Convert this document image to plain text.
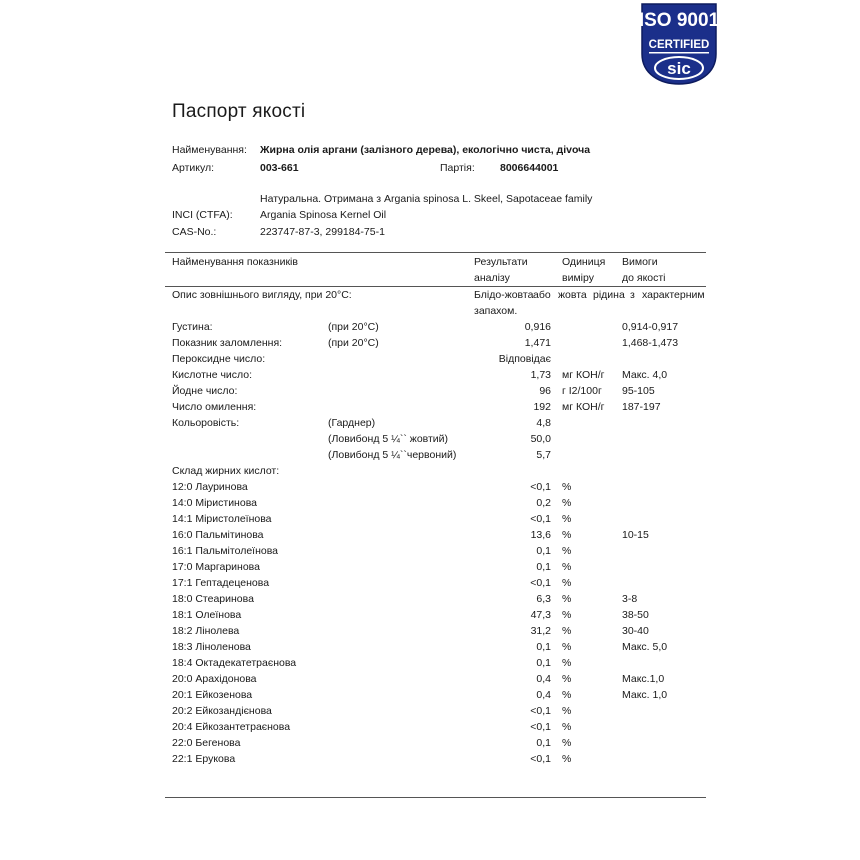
ISO 9001
CERTIFIED
sic
Паспорт якості
Найменування: Жирна олія аргани (залізного дерева), екологічно чиста, діvоча
Артикул:	003-661	Партія: 8006644001
Натуральна. Отримана з Argania spinosa L. Skeel, Sapotaceae family
INCI (CTFA):	Argania Spinosa Kernel Oil
CAS-No.:	223747-87-3, 299184-75-1
Найменування показників	Результати
аналізу
Одиниця
виміру
Вимоги
до якості
Опис зовнішнього вигляду, при 20°С:	Блідо-жовта або жовта рідина з характерним
запахом.
Густина:	(при 20°С)	0,916	0,914-0,917
Показник заломлення:	(при 20°С)	1,471	1,468-1,473
Пероксидне число:	Відповідає
Кислотне число:	1,73 мг КОН/г Макс. 4,0
Йодне число:	96 г I2/100г 95-105
Число омилення:	192 мг КОН/г 187-197
Кольоровість:	(Гарднер)	4,8
(Ловибонд 5 ¼`` жовтий)	50,0
(Ловибонд 5 ¼``червоний)	5,7
Склад жирних кислот:
12:0 Лауринова	<0,1 %
14:0 Міристинова	0,2 %
14:1 Міристолеїнова	<0,1 %
16:0 Пальмітинова	13,6 %	10-15
16:1 Пальмітолеїнова	0,1 %
17:0 Маргаринова	0,1 %
17:1 Гептадеценова	<0,1 %
18:0 Стеаринова	6,3 %	3-8
18:1 Олеїнова	47,3 %	38-50
18:2 Лінолева	31,2 %	30-40
18:3 Ліноленова	0,1 %	Макс. 5,0
18:4 Октадекатетраєнова	0,1 %
20:0 Арахідонова	0,4 %	Макс.1,0
20:1 Ейкозенова	0,4 %	Макс. 1,0
20:2 Ейкозандієнова	<0,1 %
20:4 Ейкозантетраєнова	<0,1 %
22:0 Бегенова	0,1 %
22:1 Ерукова	<0,1 %
